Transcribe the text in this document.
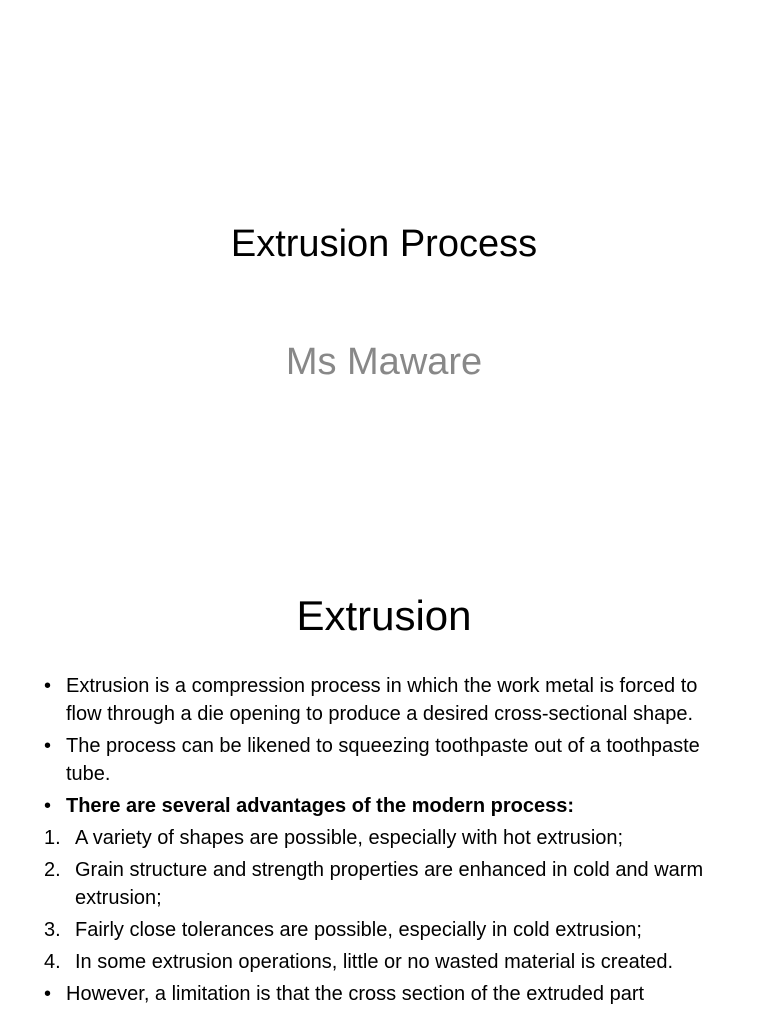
Extrusion Process
Ms Maware
Extrusion
• Extrusion is a compression process in which the work metal is forced to flow through a die opening to produce a desired cross-sectional shape.
• The process can be likened to squeezing toothpaste out of a toothpaste tube.
• There are several advantages of the modern process:
1. A variety of shapes are possible, especially with hot extrusion;
2. Grain structure and strength properties are enhanced in cold and warm extrusion;
3. Fairly close tolerances are possible, especially in cold extrusion;
4. In some extrusion operations, little or no wasted material is created.
• However, a limitation is that the cross section of the extruded part
